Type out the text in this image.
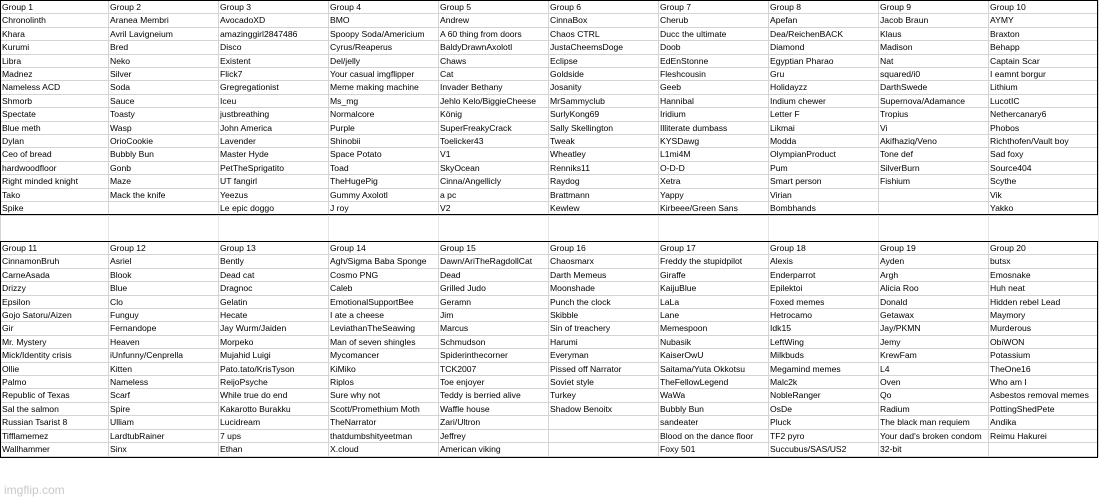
Group 1	Group 2	Group 3	Group 4	Group 5	Group 6	Group 7	Group 8	Group 9	Group 10
Chronolinth	Aranea Membri	AvocadoXD	BMO	Andrew	CinnaBox	Cherub	Apefan	Jacob Braun	AYMY
Khara	Avril Lavigneium	amazinggirl2847486	Spoopy Soda/Americium	A 60 thing from doors	Chaos CTRL	Ducc the ultimate	Dea/ReichenBACK	Klaus	Braxton
Kurumi	Bred	Disco	Cyrus/Reaperus	BaldyDrawnAxolotl	JustaCheemsDoge	Doob	Diamond	Madison	Behapp
Libra	Neko	Existent	Del/jelly	Chaws	Eclipse	EdEnStonne	Egyptian Pharao	Nat	Captain Scar
Madnez	Silver	Flick7	Your casual imgflipper	Cat	Goldside	Fleshcousin	Gru	squared/i0	I eamnt borgur
Nameless ACD	Soda	Gregregationist	Meme making machine	Invader Bethany	Josanity	Geeb	Holidayzz	DarthSwede	Lithium
Shmorb	Sauce	Iceu	Ms_mg	Jehlo Kelo/BiggieCheese	MrSammyclub	Hannibal	Indium chewer	Supernova/Adamance	LucotIC
Spectate	Toasty	justbreathing	Normalcore	König	SurlyKong69	Iridium	Letter F	Tropius	Nethercanary6
Blue meth	Wasp	John America	Purple	SuperFreakyCrack	Sally Skellington	Illiterate dumbass	Likmai	Vi	Phobos
Dylan	OrioCookie	Lavender	Shinobii	Toelicker43	Tweak	KYSDawg	Modda	Akifhaziq/Veno	Richthofen/Vault boy
Ceo of bread	Bubbly Bun	Master Hyde	Space Potato	V1	Wheatley	L1mi4M	OlympianProduct	Tone def	Sad foxy
hardwoodfloor	Gonb	PetTheSprigatito	Toad	SkyOcean	Renniks11	O-D-D	Pum	SilverBurn	Source404
Right minded knight	Maze	UT fangirl	TheHugePig	Cinna/Angellicly	Raydog	Xetra	Smart person	Fishium	Scythe
Tako	Mack the knife	Yeezus	Gummy Axolotl	a pc	Brattmann	Yappy	Virian		Vik
Spike		Le epic doggo	J roy	V2	Kewlew	Kirbeee/Green Sans	Bombhands		Yakko
Group 11	Group 12	Group 13	Group 14	Group 15	Group 16	Group 17	Group 18	Group 19	Group 20
CinnamonBruh	Asriel	Bently	Agh/Sigma Baba Sponge	Dawn/AriTheRagdollCat	Chaosmarx	Freddy the stupidpilot	Alexis	Ayden	butsx
CarneAsada	Blook	Dead cat	Cosmo PNG	Dead	Darth Memeus	Giraffe	Enderparrot	Argh	Emosnake
Drizzy	Blue	Dragnoc	Caleb	Grilled Judo	Moonshade	KaijuBlue	Epilektoi	Alicia Roo	Huh neat
Epsilon	Clo	Gelatin	EmotionalSupportBee	Geramn	Punch the clock	LaLa	Foxed memes	Donald	Hidden rebel Lead
Gojo Satoru/Aizen	Funguy	Hecate	I ate a cheese	Jim	Skibble	Lane	Hetrocamo	Getawax	Maymory
Gir	Fernandope	Jay Wurm/Jaiden	LeviathanTheSeawing	Marcus	Sin of treachery	Memespoon	Idk15	Jay/PKMN	Murderous
Mr. Mystery	Heaven	Morpeko	Man of seven shingles	Schmudson	Harumi	Nubasik	LeftWing	Jemy	ObiWON
Mick/Identity crisis	iUnfunny/Cenprella	Mujahid Luigi	Mycomancer	Spiderinthecorner	Everyman	KaiserOwU	Milkbuds	KrewFam	Potassium
Ollie	Kitten	Pato.tato/KrisTyson	KiMiko	TCK2007	Pissed off Narrator	Saitama/Yuta Okkotsu	Megamind memes	L4	TheOne16
Palmo	Nameless	ReijoPsyche	Riplos	Toe enjoyer	Soviet style	TheFellowLegend	Malc2k	Oven	Who am I
Republic of Texas	Scarf	While true do end	Sure why not	Teddy is berried alive	Turkey	WaWa	NobleRanger	Qo	Asbestos removal memes
Sal the salmon	Spire	Kakarotto Burakku	Scott/Promethium Moth	Waffle house	Shadow Benoitx	Bubbly Bun	OsDe	Radium	PottingShedPete
Russian Tsarist 8	Ulliam	Lucidream	TheNarrator	Zari/Ultron		sandeater	Pluck	The black man requiem	Andika
Tifflamemez	LardtubRainer	7 ups	thatdumbshityeetman	Jeffrey		Blood on the dance floor	TF2 pyro	Your dad's broken condom	Reimu Hakurei
Wallhammer	Sinx	Ethan	X.cloud	American viking		Foxy 501	Succubus/SAS/US2	32-bit	
imgflip.com
